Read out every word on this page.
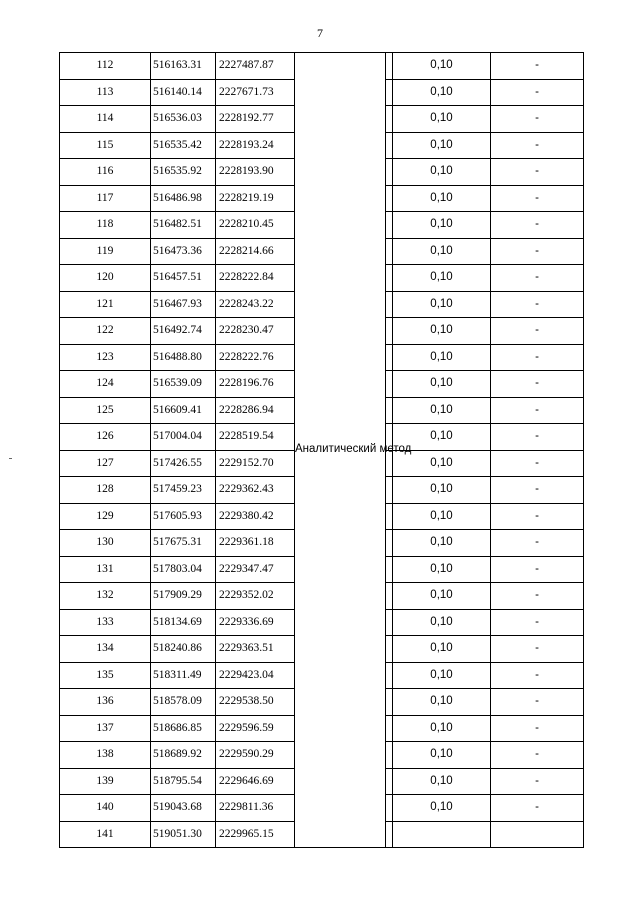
7
112	516163.31	2227487.87	Аналитический метод		0,10	-
113	516140.14	2227671.73			0,10	-
114	516536.03	2228192.77			0,10	-
115	516535.42	2228193.24			0,10	-
116	516535.92	2228193.90			0,10	-
117	516486.98	2228219.19			0,10	-
118	516482.51	2228210.45			0,10	-
119	516473.36	2228214.66			0,10	-
120	516457.51	2228222.84			0,10	-
121	516467.93	2228243.22			0,10	-
122	516492.74	2228230.47			0,10	-
123	516488.80	2228222.76			0,10	-
124	516539.09	2228196.76			0,10	-
125	516609.41	2228286.94			0,10	-
126	517004.04	2228519.54			0,10	-
127	517426.55	2229152.70			0,10	-
128	517459.23	2229362.43			0,10	-
129	517605.93	2229380.42			0,10	-
130	517675.31	2229361.18			0,10	-
131	517803.04	2229347.47			0,10	-
132	517909.29	2229352.02			0,10	-
133	518134.69	2229336.69			0,10	-
134	518240.86	2229363.51			0,10	-
135	518311.49	2229423.04			0,10	-
136	518578.09	2229538.50			0,10	-
137	518686.85	2229596.59			0,10	-
138	518689.92	2229590.29			0,10	-
139	518795.54	2229646.69			0,10	-
140	519043.68	2229811.36			0,10	-
141	519051.30	2229965.15				
